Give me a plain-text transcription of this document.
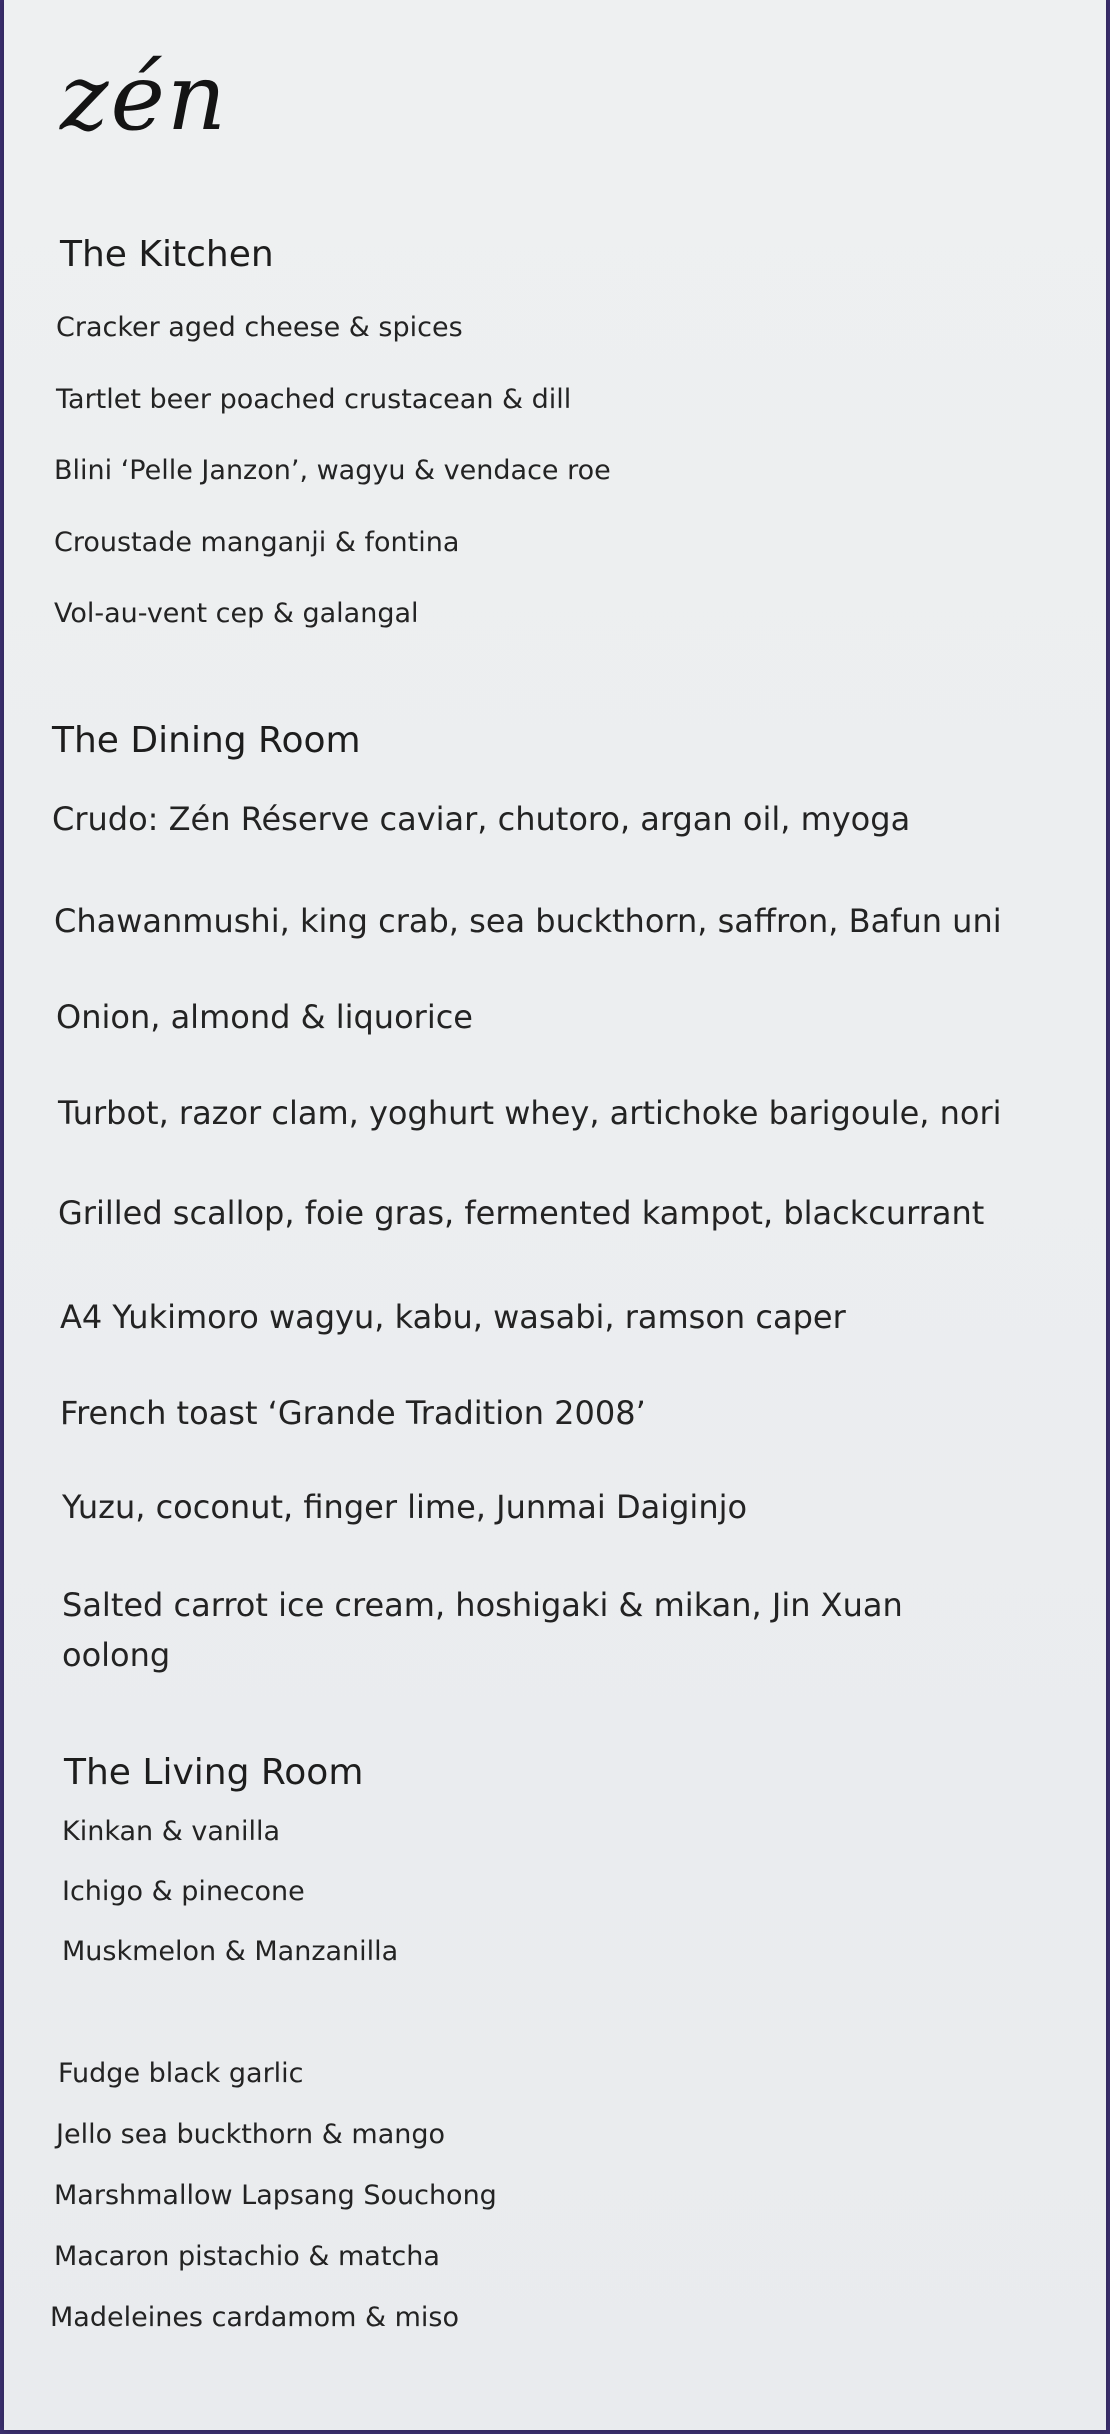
zén
The Kitchen
Cracker aged cheese & spices
Tartlet beer poached crustacean & dill
Blini ‘Pelle Janzon’, wagyu & vendace roe
Croustade manganji & fontina
Vol-au-vent cep & galangal
The Dining Room
Crudo: Zén Réserve caviar, chutoro, argan oil, myoga
Chawanmushi, king crab, sea buckthorn, saffron, Bafun uni
Onion, almond & liquorice
Turbot, razor clam, yoghurt whey, artichoke barigoule, nori
Grilled scallop, foie gras, fermented kampot, blackcurrant
A4 Yukimoro wagyu, kabu, wasabi, ramson caper
French toast ‘Grande Tradition 2008’
Yuzu, coconut, finger lime, Junmai Daiginjo
Salted carrot ice cream, hoshigaki & mikan, Jin Xuan oolong
The Living Room
Kinkan & vanilla
Ichigo & pinecone
Muskmelon & Manzanilla
Fudge black garlic
Jello sea buckthorn & mango
Marshmallow Lapsang Souchong
Macaron pistachio & matcha
Madeleines cardamom & miso
